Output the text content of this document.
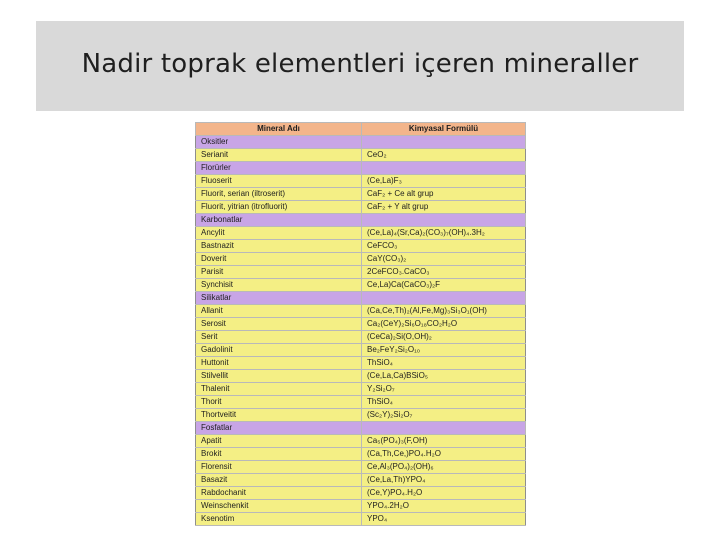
Nadir toprak elementleri içeren mineraller
Mineral Adı	Kimyasal Formülü
Oksitler	
Serianit	CeO₂
Florürler	
Fluoserit	(Ce,La)F₃
Fluorit, serian (iltroserit)	CaF₂ + Ce alt grup
Fluorit, yitrian (itrofluorit)	CaF₂ + Y alt grup
Karbonatlar	
Ancylit	(Ce,La)₄(Sr,Ca)₂(CO₃)₇(OH)₄.3H₂
Bastnazit	CeFCO₃
Doverit	CaY(CO₃)₂
Parisit	2CeFCO₃.CaCO₃
Synchisit	Ce,La)Ca(CaCO₃)₂F
Silikatlar	
Allanit	(Ca,Ce,Th)₂(Al,Fe,Mg)₃Si₃O₁(OH)
Serosit	Ca₂(CeY)₂Si₆O₁₈CO₂H₂O
Serit	(CeCa)₂Si(O,OH)₂
Gadolinit	Be₂FeY₂Si₂O₁₀
Huttonit	ThSiO₄
Stilvellit	(Ce,La,Ca)BSiO₅
Thalenit	Y₂Si₂O₇
Thorit	ThSiO₄
Thortveitit	(Sc₂Y)₂Si₂O₇
Fosfatlar	
Apatit	Ca₅(PO₄)₃(F,OH)
Brokit	(Ca,Th,Ce,)PO₄.H₂O
Florensit	Ce,Al₃(PO₄)₂(OH)₆
Basazit	(Ce,La,Th)YPO₄
Rabdochanit	(Ce,Y)PO₄.H₂O
Weinschenkit	YPO₄.2H₂O
Ksenotim	YPO₄
